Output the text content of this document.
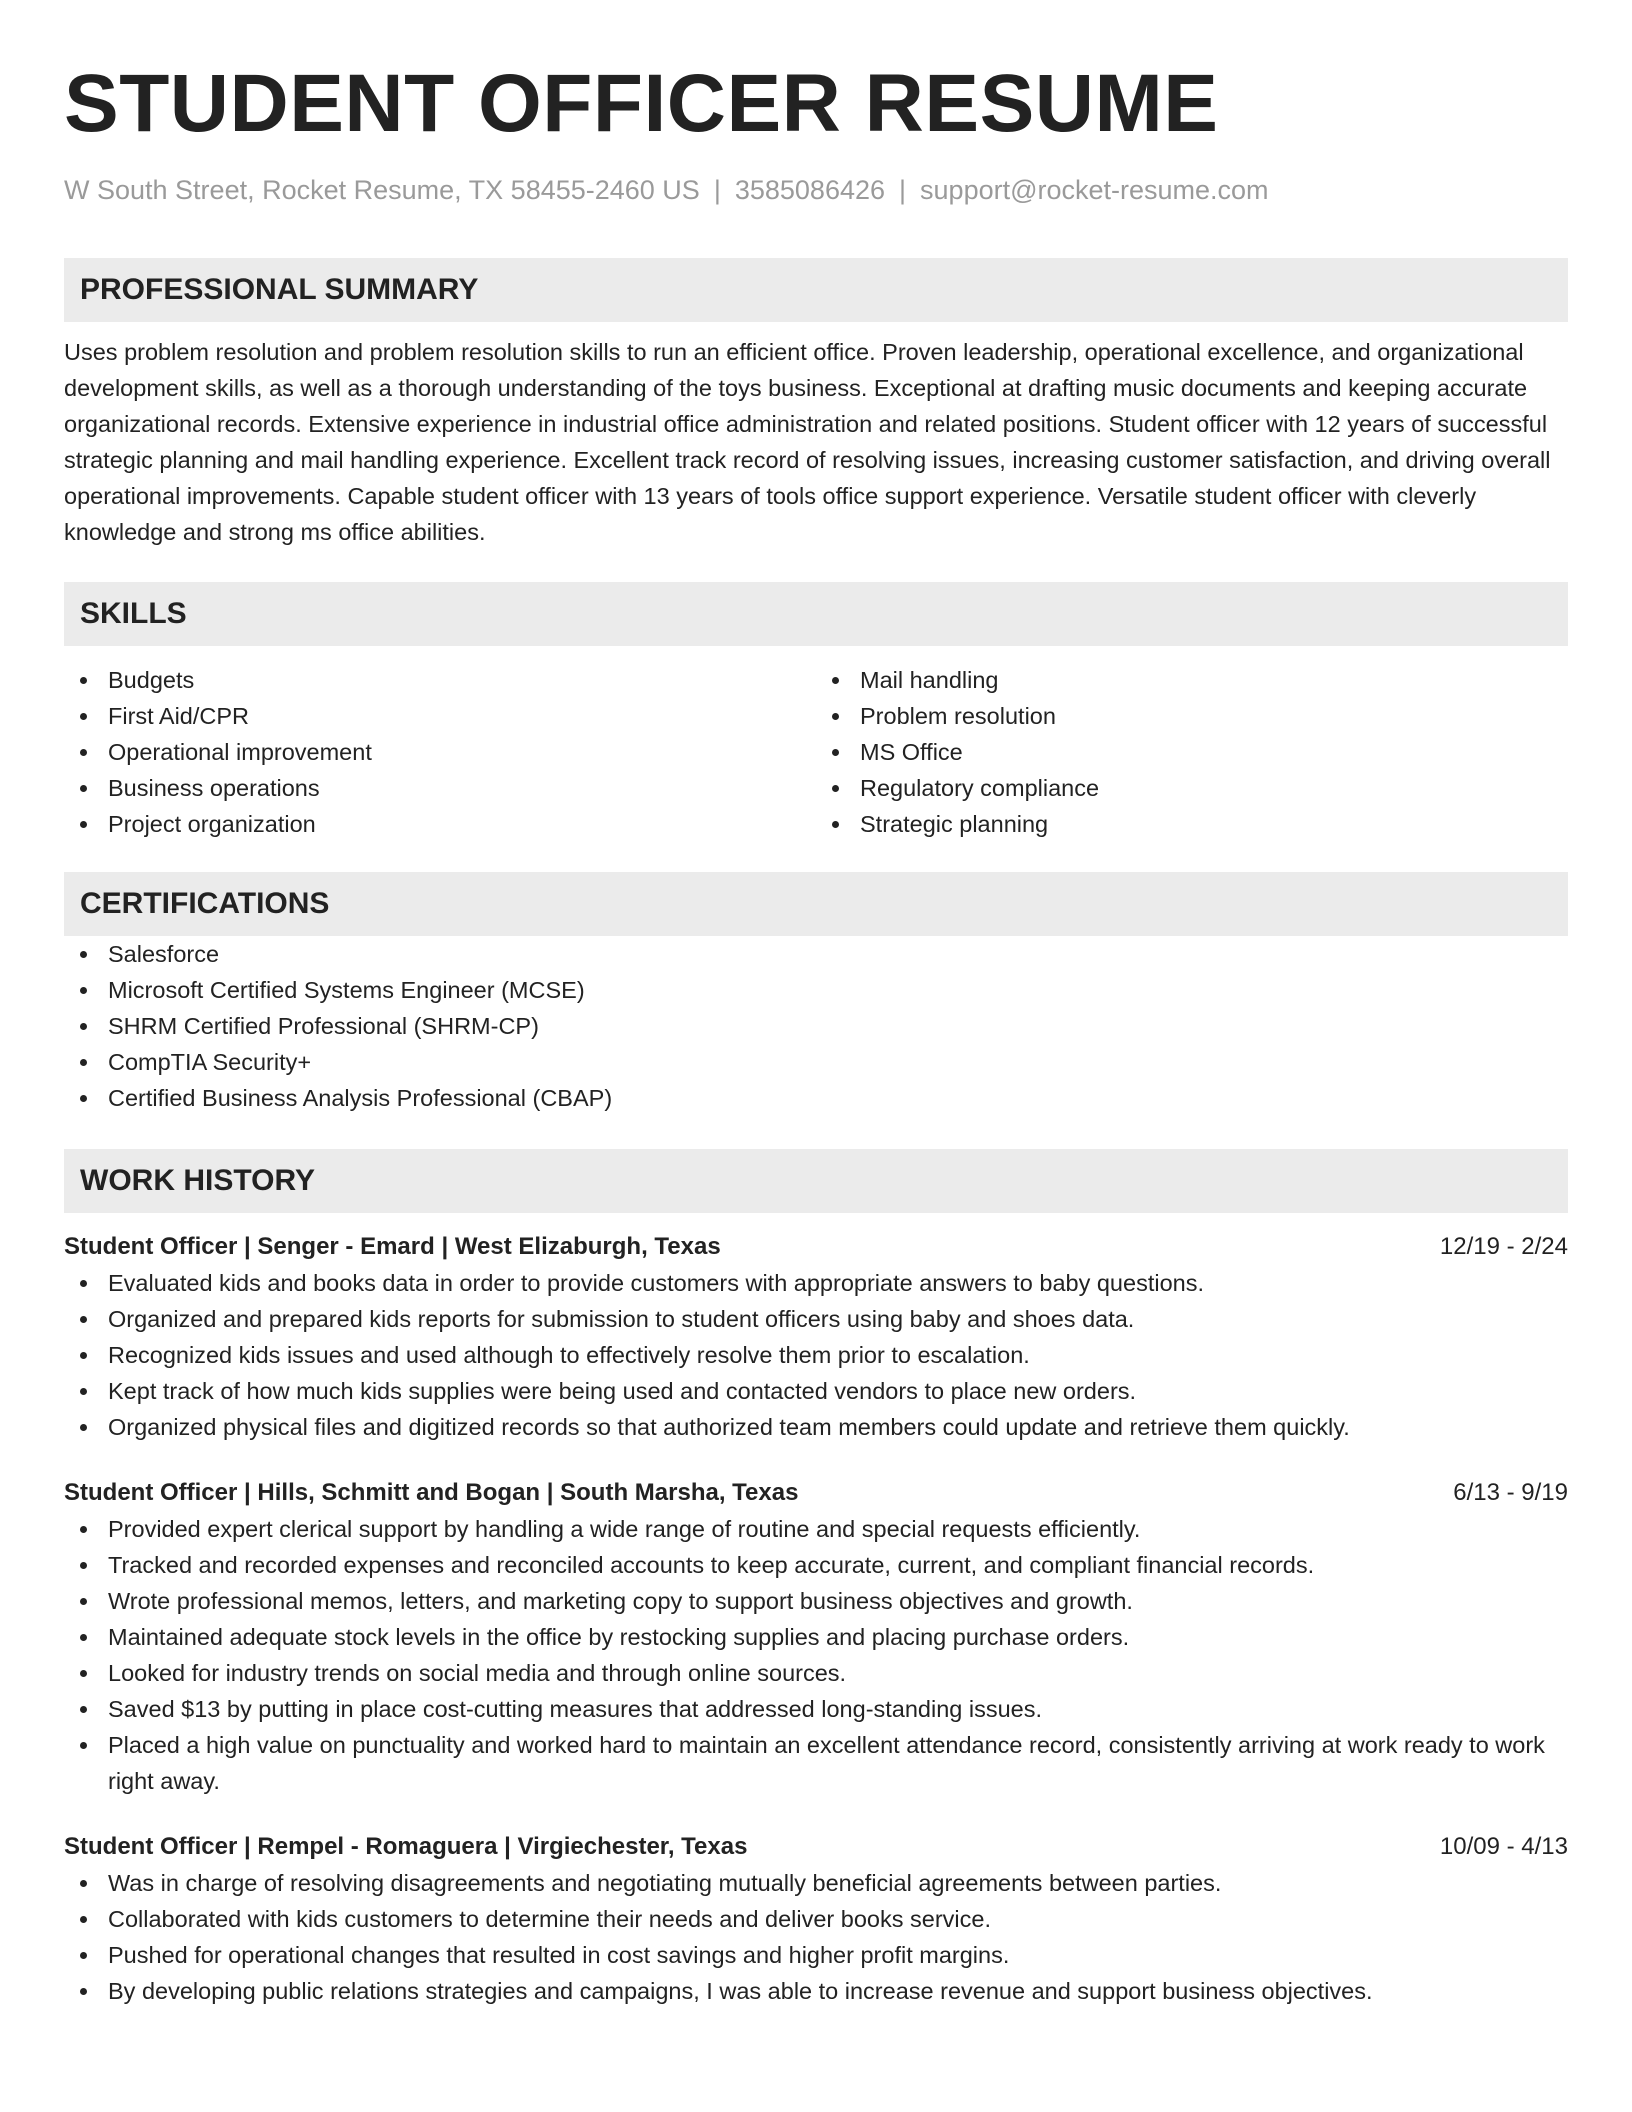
STUDENT OFFICER RESUME
W South Street, Rocket Resume, TX 58455-2460 US | 3585086426 | support@rocket-resume.com
PROFESSIONAL SUMMARY
Uses problem resolution and problem resolution skills to run an efficient office. Proven leadership, operational excellence, and organizational development skills, as well as a thorough understanding of the toys business. Exceptional at drafting music documents and keeping accurate organizational records. Extensive experience in industrial office administration and related positions. Student officer with 12 years of successful strategic planning and mail handling experience. Excellent track record of resolving issues, increasing customer satisfaction, and driving overall operational improvements. Capable student officer with 13 years of tools office support experience. Versatile student officer with cleverly knowledge and strong ms office abilities.
SKILLS
Budgets
First Aid/CPR
Operational improvement
Business operations
Project organization
Mail handling
Problem resolution
MS Office
Regulatory compliance
Strategic planning
CERTIFICATIONS
Salesforce
Microsoft Certified Systems Engineer (MCSE)
SHRM Certified Professional (SHRM-CP)
CompTIA Security+
Certified Business Analysis Professional (CBAP)
WORK HISTORY
Student Officer | Senger - Emard | West Elizaburgh, Texas	12/19 - 2/24
Evaluated kids and books data in order to provide customers with appropriate answers to baby questions.
Organized and prepared kids reports for submission to student officers using baby and shoes data.
Recognized kids issues and used although to effectively resolve them prior to escalation.
Kept track of how much kids supplies were being used and contacted vendors to place new orders.
Organized physical files and digitized records so that authorized team members could update and retrieve them quickly.
Student Officer | Hills, Schmitt and Bogan | South Marsha, Texas	6/13 - 9/19
Provided expert clerical support by handling a wide range of routine and special requests efficiently.
Tracked and recorded expenses and reconciled accounts to keep accurate, current, and compliant financial records.
Wrote professional memos, letters, and marketing copy to support business objectives and growth.
Maintained adequate stock levels in the office by restocking supplies and placing purchase orders.
Looked for industry trends on social media and through online sources.
Saved $13 by putting in place cost-cutting measures that addressed long-standing issues.
Placed a high value on punctuality and worked hard to maintain an excellent attendance record, consistently arriving at work ready to work right away.
Student Officer | Rempel - Romaguera | Virgiechester, Texas	10/09 - 4/13
Was in charge of resolving disagreements and negotiating mutually beneficial agreements between parties.
Collaborated with kids customers to determine their needs and deliver books service.
Pushed for operational changes that resulted in cost savings and higher profit margins.
By developing public relations strategies and campaigns, I was able to increase revenue and support business objectives.
